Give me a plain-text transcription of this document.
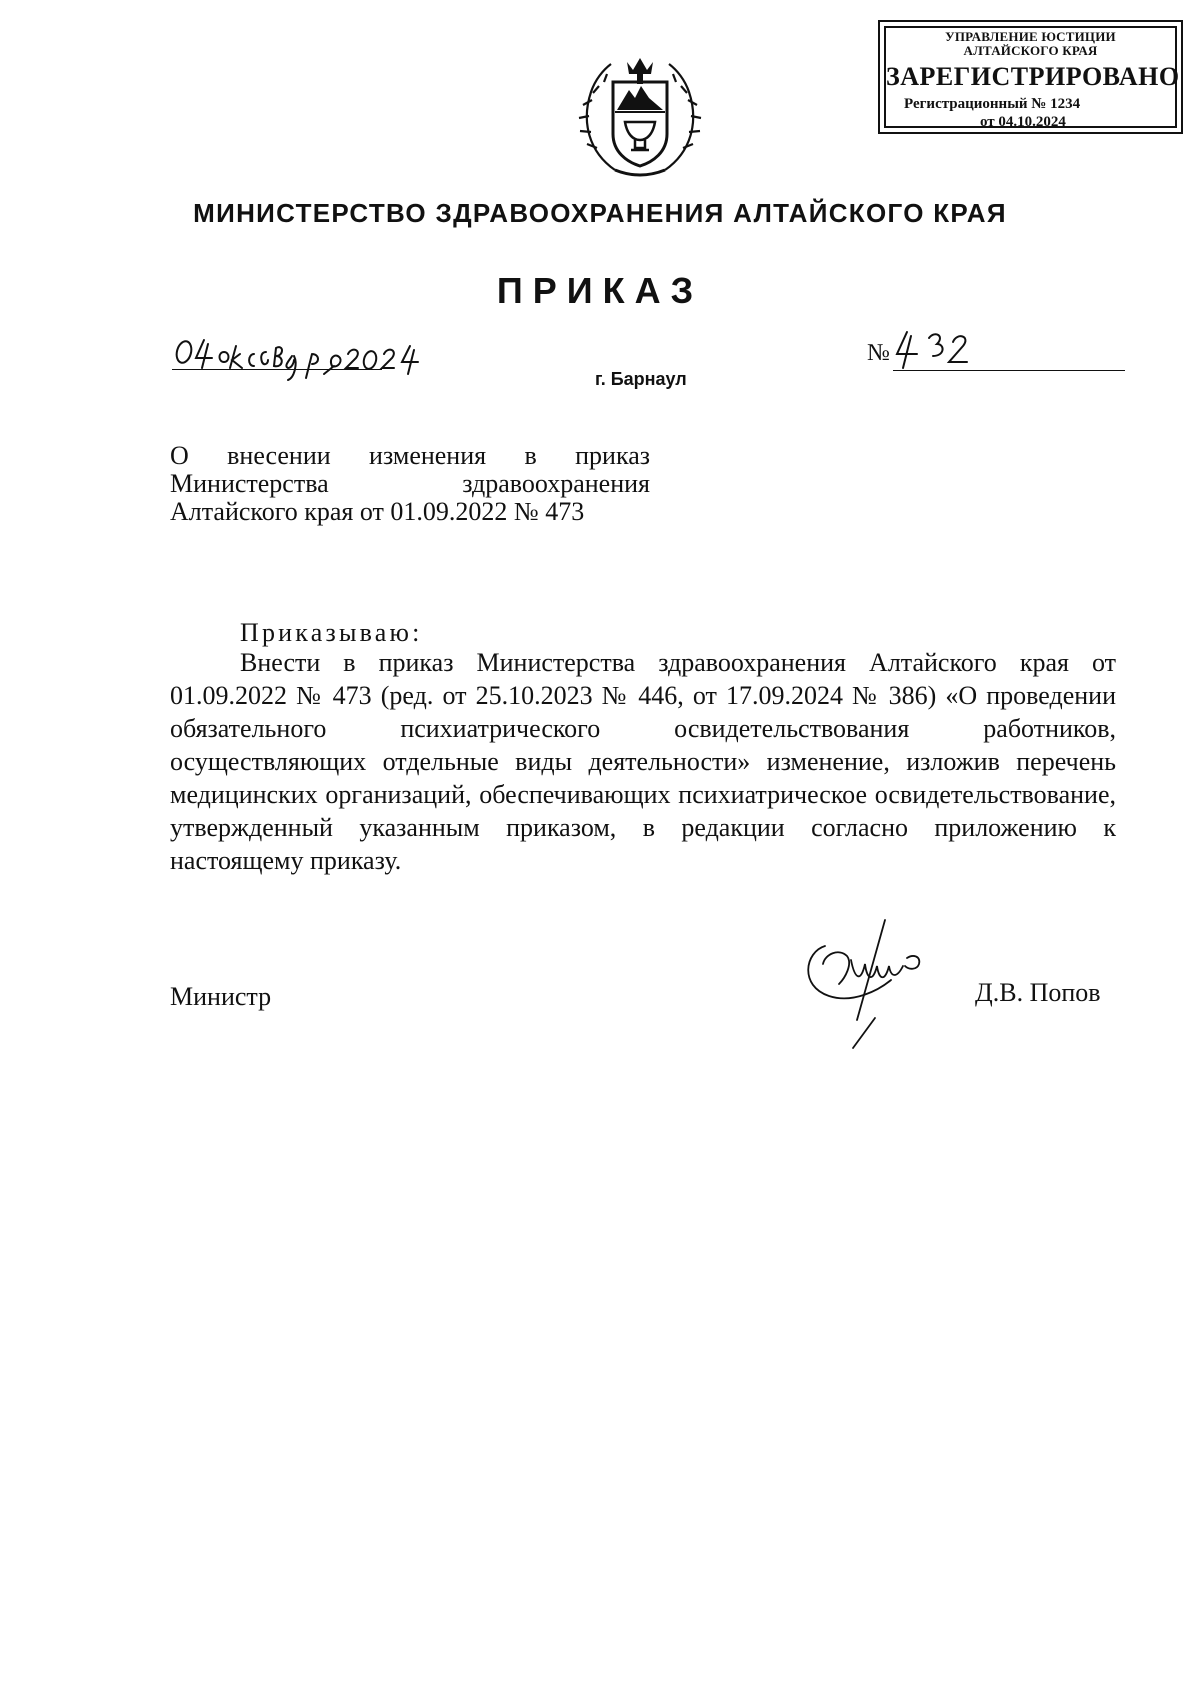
УПРАВЛЕНИЕ ЮСТИЦИИ
АЛТАЙСКОГО КРАЯ
ЗАРЕГИСТРИРОВАНО
Регистрационный № 1234
от 04.10.2024
МИНИСТЕРСТВО ЗДРАВООХРАНЕНИЯ АЛТАЙСКОГО КРАЯ
ПРИКАЗ
№
г. Барнаул
О внесении изменения в приказ
Министерства здравоохранения
Алтайского края от 01.09.2022 № 473
Приказываю:

Внести в приказ Министерства здравоохранения Алтайского края от 01.09.2022 № 473 (ред. от 25.10.2023 № 446, от 17.09.2024 № 386) «О проведении обязательного психиатрического освидетельствования работников, осуществляющих отдельные виды деятельности» изменение, изложив перечень медицинских организаций, обеспечивающих психиатрическое освидетельствование, утвержденный указанным приказом, в редакции согласно приложению к настоящему приказу.

Министр	Д.В. Попов
